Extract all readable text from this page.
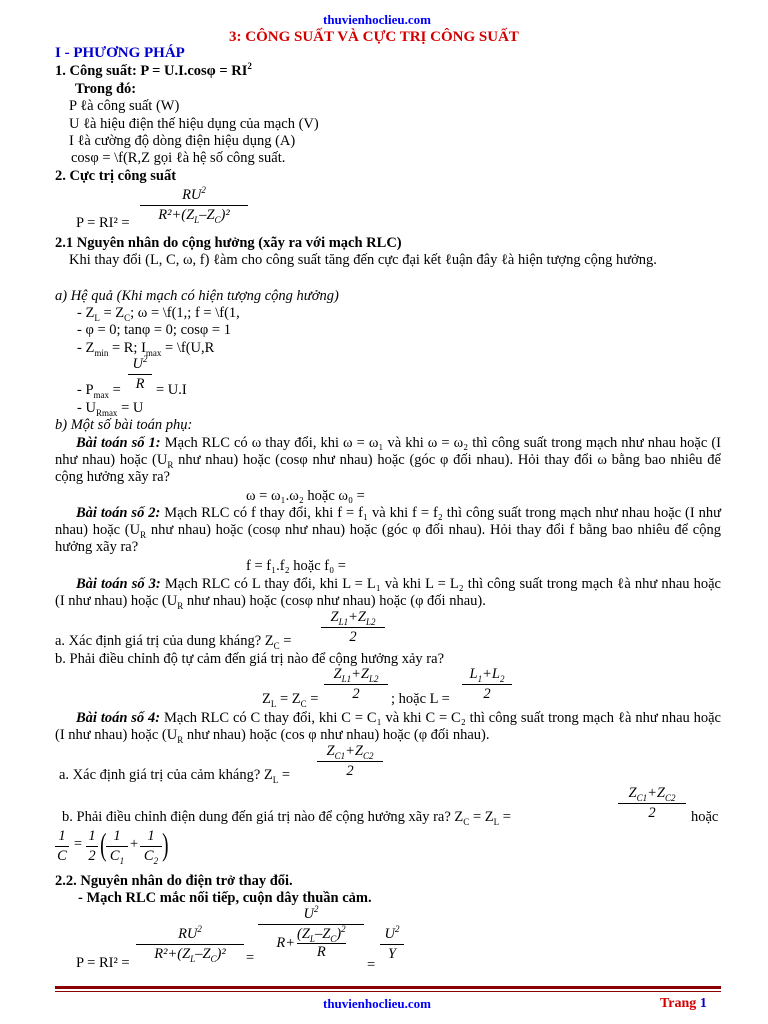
thuvienhoclieu.com
3: CÔNG SUẤT VÀ CỰC TRỊ CÔNG SUẤT
I - PHƯƠNG PHÁP
1. Công suất: $P = U.I.\cos\varphi = RI^2$
Trong đó:
P ℓà công suất (W)
U ℓà hiệu điện thế hiệu dụng của mạch (V)
I ℓà cường độ dòng điện hiệu dụng (A)
cosφ = \f(R,Z gọi ℓà hệ số công suất.
2. Cực trị công suất
P = RI² =
$RU^2$
$R^2+(Z_L-Z_C)^2$
2.1 Nguyên nhân do cộng hưởng (xãy ra với mạch RLC)
Khi thay đổi (L, C, ω, f) ℓàm cho công suất tăng đến cực đại kết ℓuận đây ℓà hiện tượng cộng hưởng.
a) Hệ quả (Khi mạch có hiện tượng cộng hưởng)
- $Z_L = Z_C$; ω = \f(1,; f = \f(1,
- φ = 0; tanφ = 0; cosφ = 1
- $Z_{min} = R$; $I_{max}$ = \f(U,R
- $P_{max}$ =
$U^2$
R = U.I
- $U_{Rmax} = U$
b) Một số bài toán phụ:
Bài toán số 1: Mạch RLC có ω thay đổi, khi ω = ω₁ và khi ω = ω₂ thì công suất trong mạch như nhau hoặc (I như nhau) hoặc ($U_R$ như nhau) hoặc (cosφ như nhau) hoặc (góc φ đối nhau). Hỏi thay đổi ω bằng bao nhiêu để cộng hưởng xãy ra?
ω = ω₁.ω₂ hoặc ω₀ =
Bài toán số 2: Mạch RLC có f thay đổi, khi f = f₁ và khi f = f₂ thì công suất trong mạch như nhau hoặc (I như nhau) hoặc ($U_R$ như nhau) hoặc (cosφ như nhau) hoặc (góc φ đối nhau). Hỏi thay đổi f bằng bao nhiêu để cộng hưởng xãy ra?
f = f₁.f₂ hoặc f₀ =
Bài toán số 3: Mạch RLC có L thay đổi, khi L = L₁ và khi L = L₂ thì công suất trong mạch ℓà như nhau hoặc (I như nhau) hoặc ($U_R$ như nhau) hoặc (cosφ như nhau) hoặc (φ đối nhau).
a. Xác định giá trị của dung kháng? $Z_C$ =
$Z_{L1}+Z_{L2}$
2
b. Phải điều chỉnh độ tự cảm đến giá trị nào để cộng hưởng xảy ra?
$Z_L = Z_C$ =
$Z_{L1}+Z_{L2}$
2	; hoặc L =
$L_1+L_2$
2
Bài toán số 4: Mạch RLC có C thay đổi, khi C = C₁ và khi C = C₂ thì công suất trong mạch ℓà như nhau hoặc (I như nhau) hoặc ($U_R$ như nhau) hoặc (cos φ như nhau) hoặc (φ đối nhau).
a. Xác định giá trị của cảm kháng? $Z_L$ =
$Z_{C1}+Z_{C2}$
2
b. Phải điều chỉnh điện dung đến giá trị nào để cộng hưởng xãy ra? $Z_C = Z_L$ =
$Z_{C1}+Z_{C2}$
2	hoặc
1
C
= 1
2 ( 1
$C_1$
+ 1
$C_2$ )
2.2. Nguyên nhân do điện trở thay đổi.
- Mạch RLC mắc nối tiếp, cuộn dây thuần cảm.
P = RI² =
$RU^2$
$R^2+(Z_L-Z_C)^2$	=
$U^2$
$R + \frac{(Z_L-Z_C)^2}{R}$
=
$U^2$
Y
thuvienhoclieu.com	Trang 1
